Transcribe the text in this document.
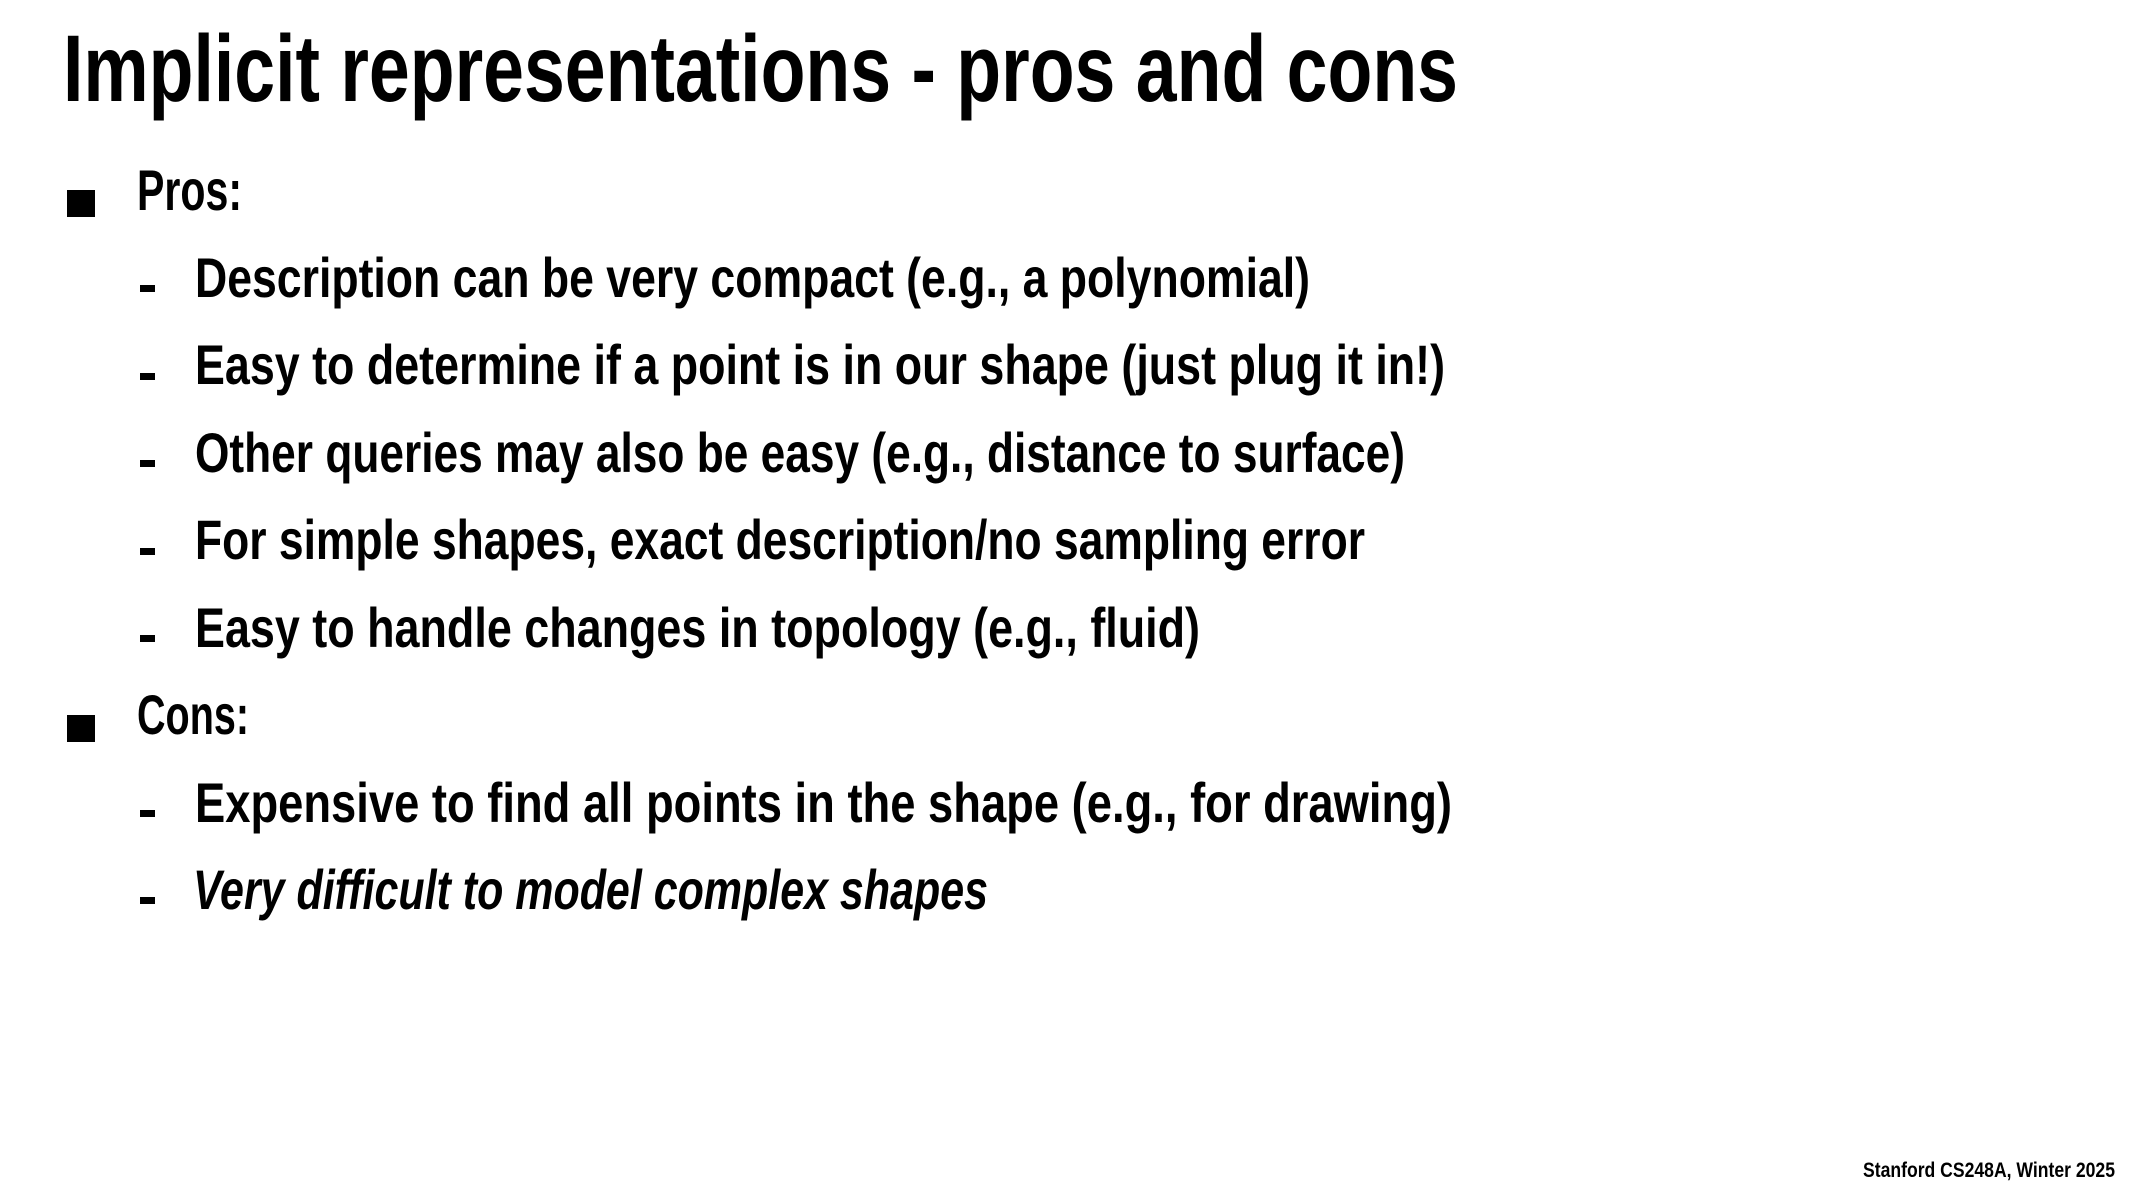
Implicit representations - pros and cons
Pros:
Description can be very compact (e.g., a polynomial)
Easy to determine if a point is in our shape (just plug it in!)
Other queries may also be easy (e.g., distance to surface)
For simple shapes, exact description/no sampling error
Easy to handle changes in topology (e.g., fluid)
Cons:
Expensive to find all points in the shape (e.g., for drawing)
Very difficult to model complex shapes
Stanford CS248A, Winter 2025
